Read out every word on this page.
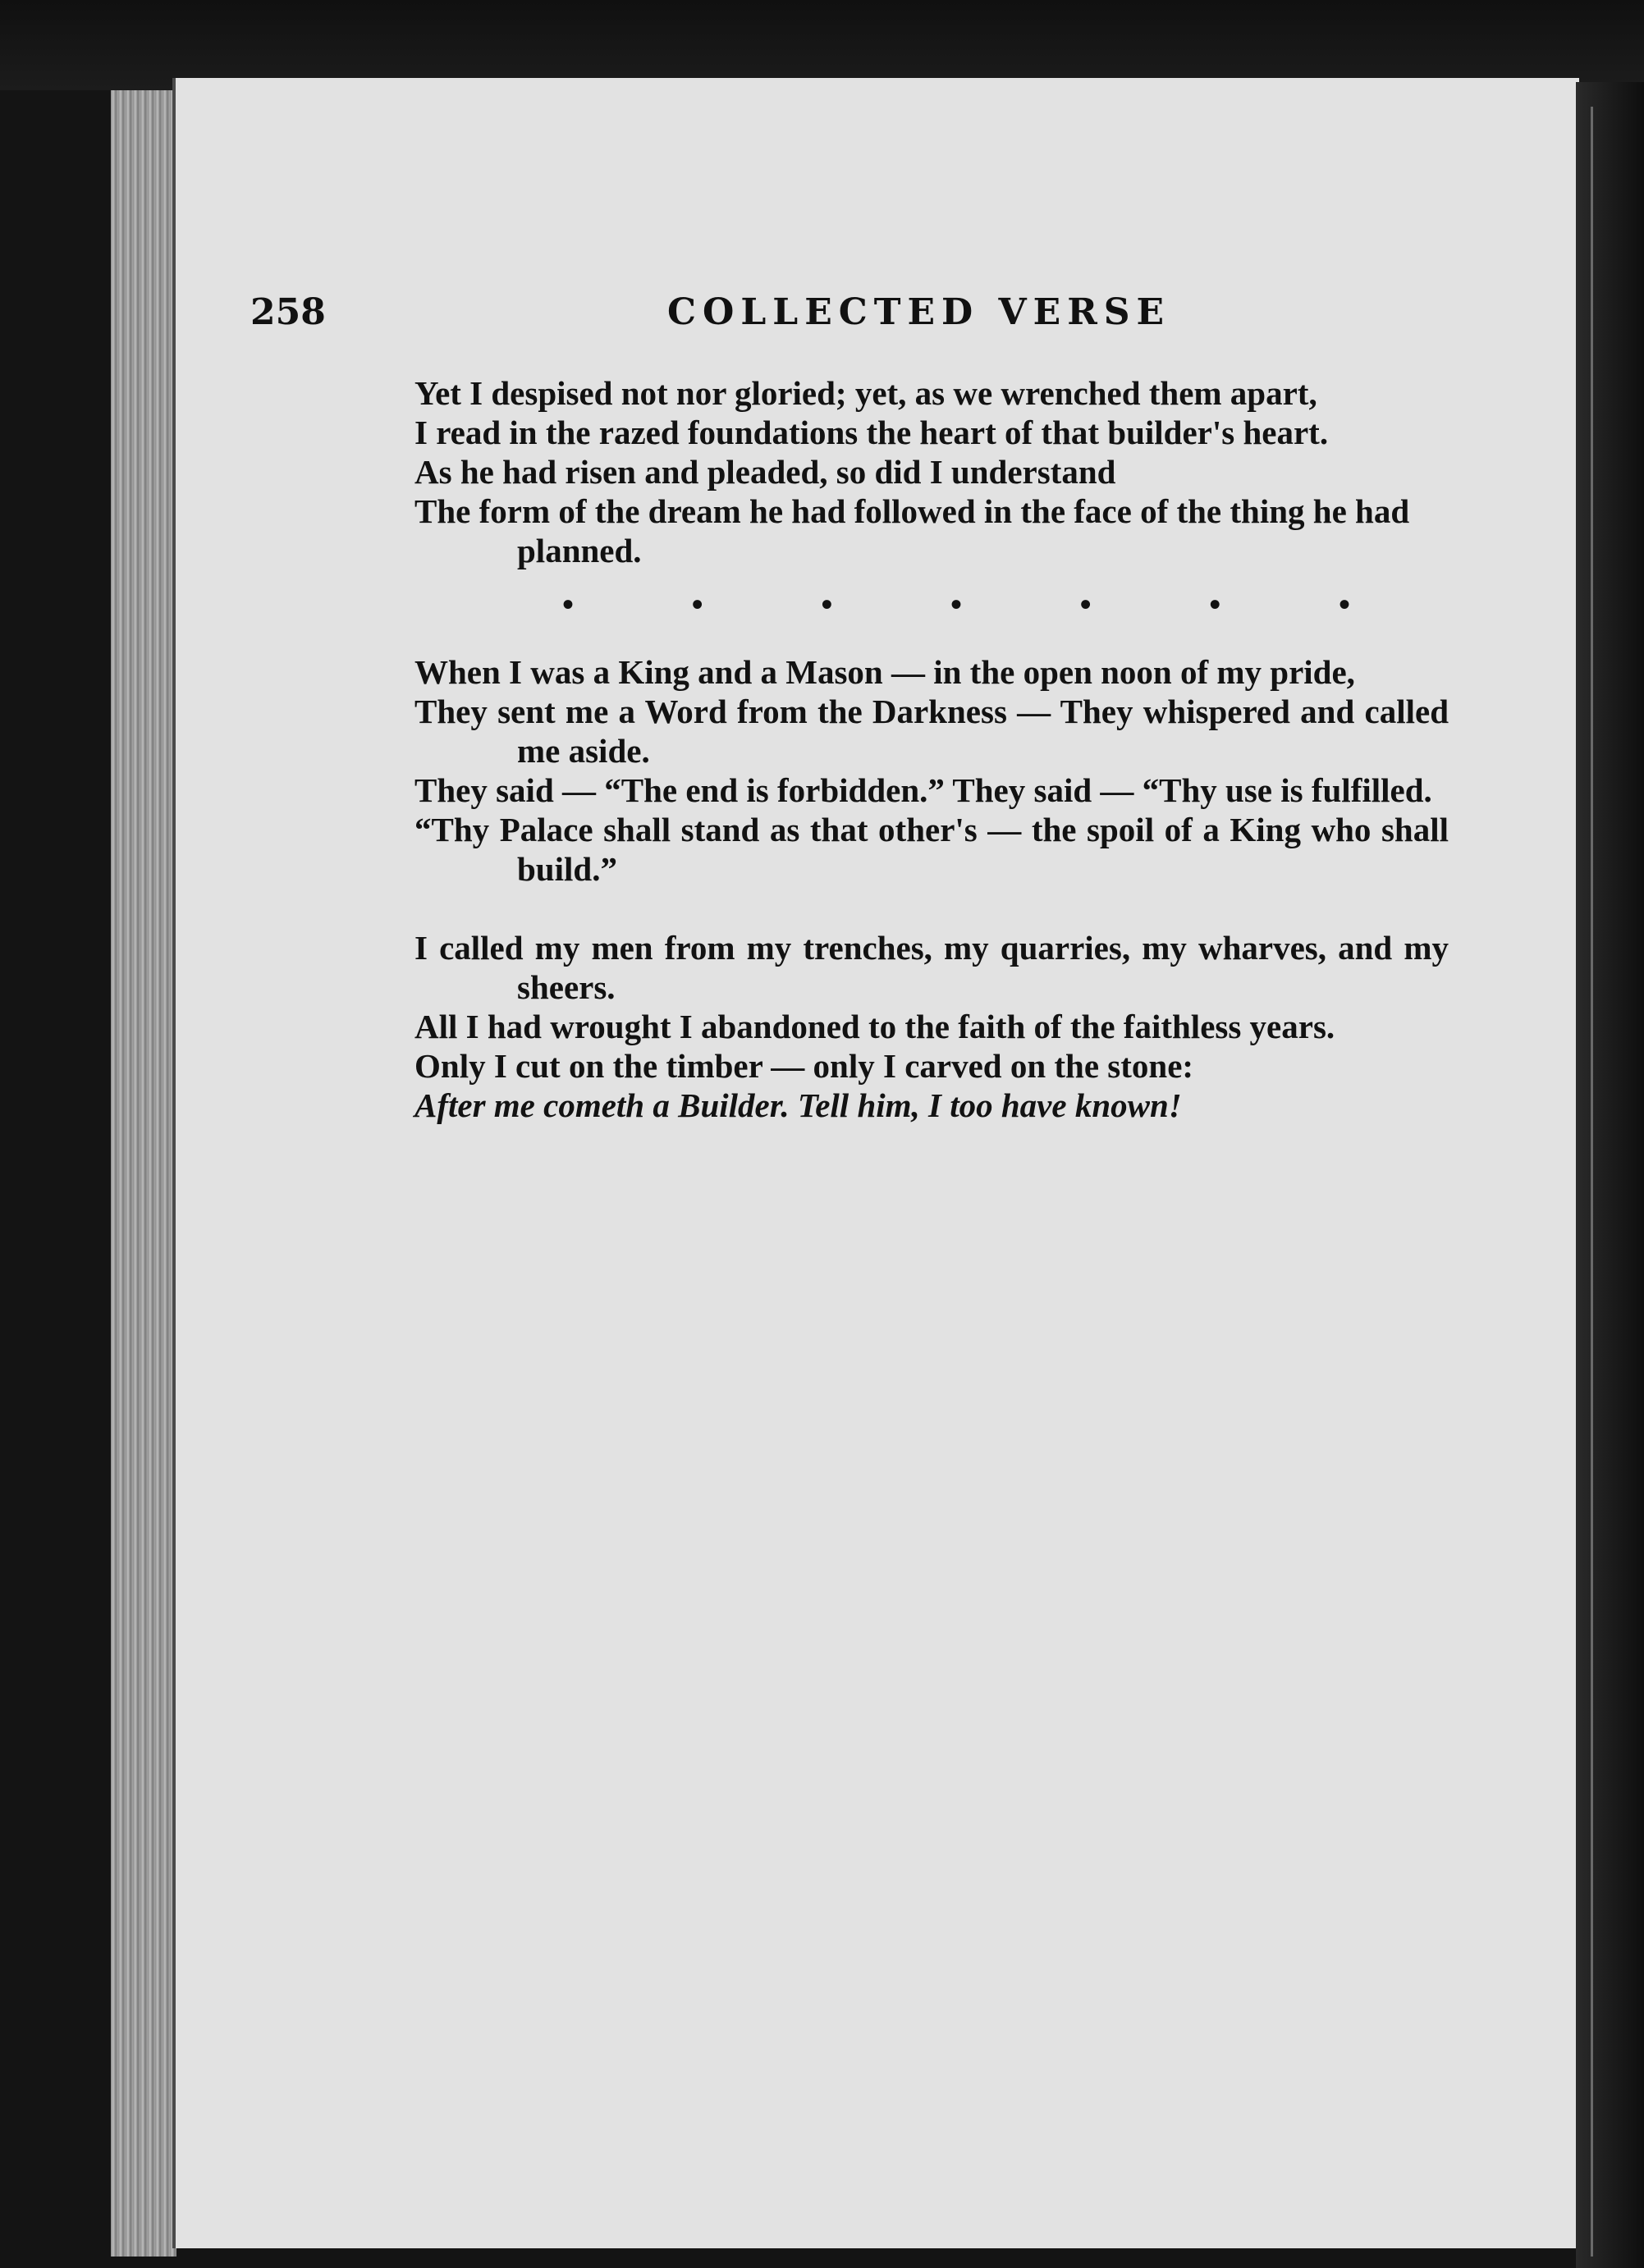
258	COLLECTED VERSE
Yet I despised not nor gloried; yet, as we wrenched them apart,
I read in the razed foundations the heart of that builder's heart.
As he had risen and pleaded, so did I understand
The form of the dream he had followed in the face of the thing he had planned.
•	•	•	•	•	•	•
When I was a King and a Mason — in the open noon of my pride,
They sent me a Word from the Darkness — They whispered and called me aside.
They said — “The end is forbidden.” They said — “Thy use is fulfilled.
“Thy Palace shall stand as that other's — the spoil of a King who shall build.”
I called my men from my trenches, my quarries, my wharves, and my sheers.
All I had wrought I abandoned to the faith of the faithless years.
Only I cut on the timber — only I carved on the stone:
After me cometh a Builder. Tell him, I too have known!
